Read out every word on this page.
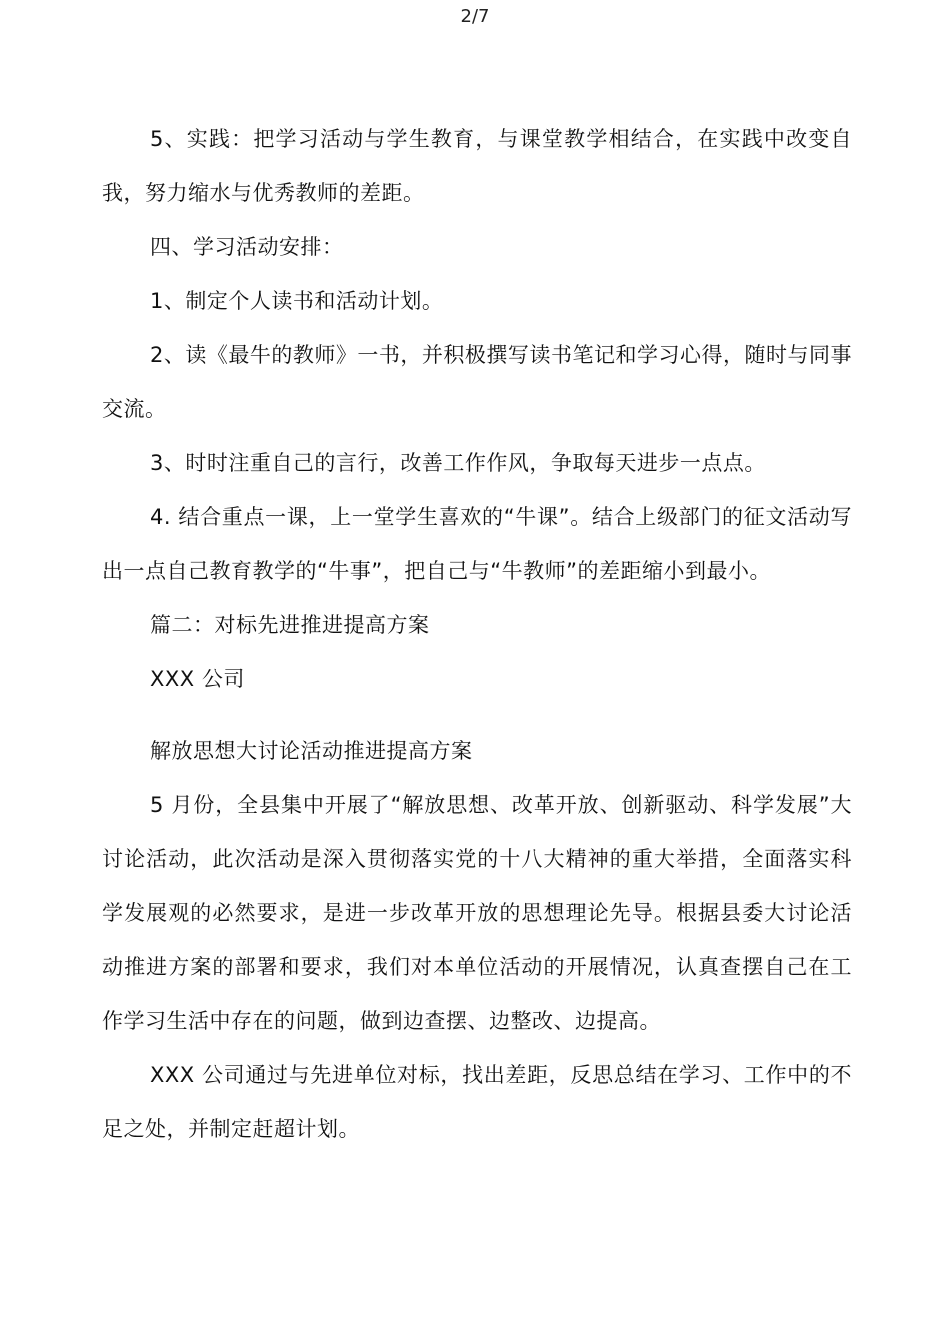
2/7

5、实践：把学习活动与学生教育，与课堂教学相结合，在实践中改变自我，努力缩水与优秀教师的差距。

四、学习活动安排：

1、制定个人读书和活动计划。

2、读《最牛的教师》一书，并积极撰写读书笔记和学习心得，随时与同事交流。

3、时时注重自己的言行，改善工作作风，争取每天进步一点点。

4. 结合重点一课，上一堂学生喜欢的“牛课”。结合上级部门的征文活动写出一点自己教育教学的“牛事”，把自己与“牛教师”的差距缩小到最小。

篇二：对标先进推进提高方案

XXX 公司

解放思想大讨论活动推进提高方案

5 月份，全县集中开展了“解放思想、改革开放、创新驱动、科学发展”大讨论活动，此次活动是深入贯彻落实党的十八大精神的重大举措，全面落实科学发展观的必然要求，是进一步改革开放的思想理论先导。根据县委大讨论活动推进方案的部署和要求，我们对本单位活动的开展情况，认真查摆自己在工作学习生活中存在的问题，做到边查摆、边整改、边提高。

XXX 公司通过与先进单位对标，找出差距，反思总结在学习、工作中的不足之处，并制定赶超计划。
